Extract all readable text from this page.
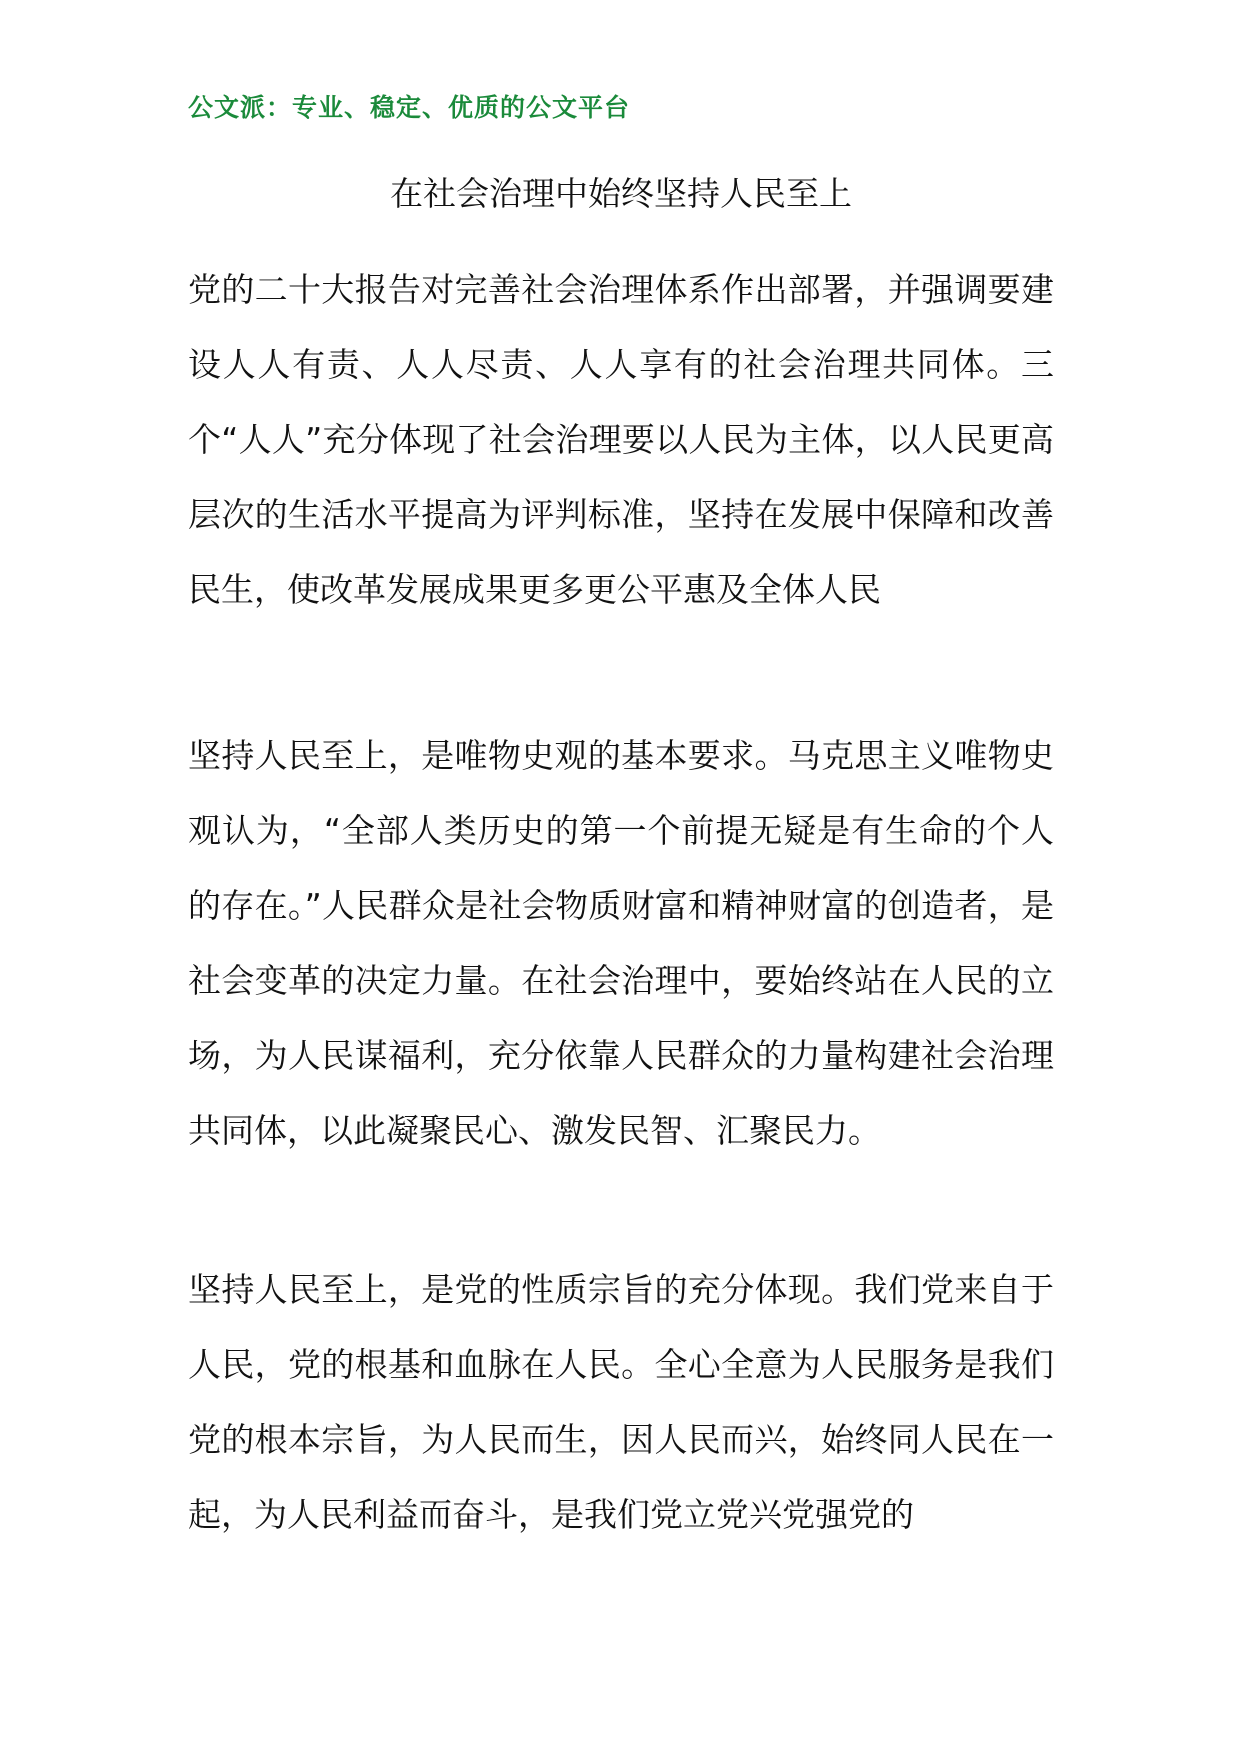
公文派：专业、稳定、优质的公文平台
在社会治理中始终坚持人民至上

党的二十大报告对完善社会治理体系作出部署，并强调要建设人人有责、人人尽责、人人享有的社会治理共同体。三个“人人”充分体现了社会治理要以人民为主体，以人民更高层次的生活水平提高为评判标准，坚持在发展中保障和改善民生，使改革发展成果更多更公平惠及全体人民

坚持人民至上，是唯物史观的基本要求。马克思主义唯物史观认为，“全部人类历史的第一个前提无疑是有生命的个人的存在。”人民群众是社会物质财富和精神财富的创造者，是社会变革的决定力量。在社会治理中，要始终站在人民的立场，为人民谋福利，充分依靠人民群众的力量构建社会治理共同体，以此凝聚民心、激发民智、汇聚民力。

坚持人民至上，是党的性质宗旨的充分体现。我们党来自于人民，党的根基和血脉在人民。全心全意为人民服务是我们党的根本宗旨，为人民而生，因人民而兴，始终同人民在一起，为人民利益而奋斗，是我们党立党兴党强党的
